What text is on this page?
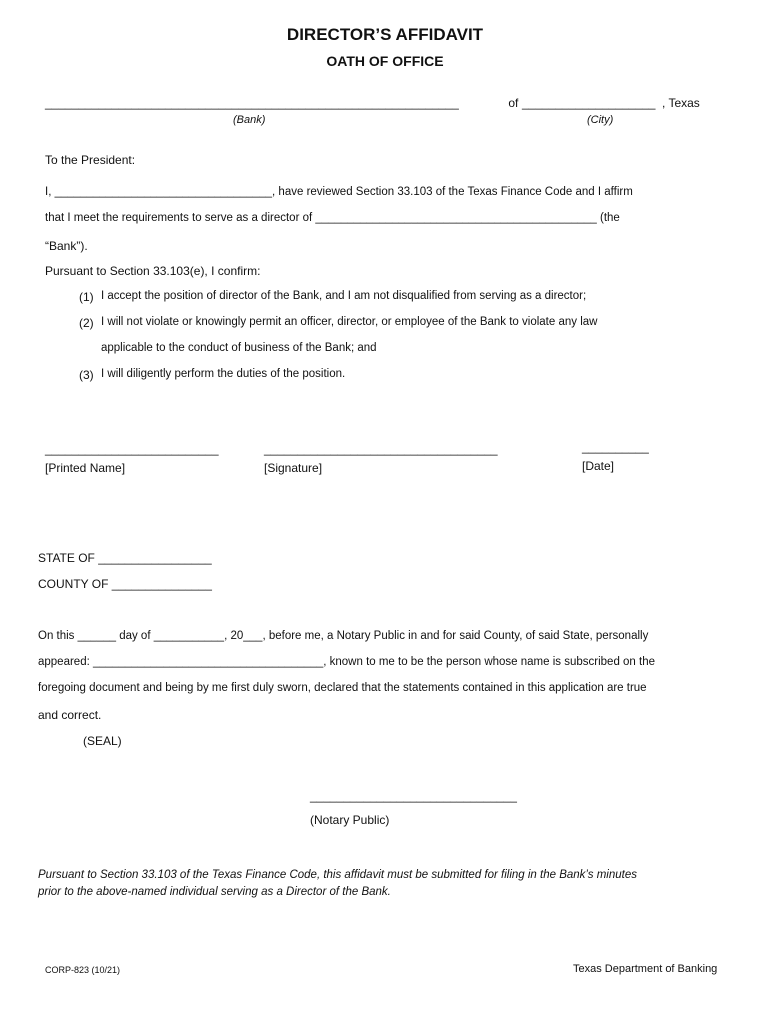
DIRECTOR’S AFFIDAVIT
OATH OF OFFICE
______________________________________________________________	of ____________________ , Texas
(Bank)	(City)
To the President:
I, __________________________________, have reviewed Section 33.103 of the Texas Finance Code and I affirm
that I meet the requirements to serve as a director of ____________________________________________ (the
“Bank”).
Pursuant to Section 33.103(e), I confirm:
(1) I accept the position of director of the Bank, and I am not disqualified from serving as a director;
(2) I will not violate or knowingly permit an officer, director, or employee of the Bank to violate any law
applicable to the conduct of business of the Bank; and
(3) I will diligently perform the duties of the position.
__________________________
[Printed Name]
___________________________________
[Signature]
__________
[Date]
STATE OF _________________
COUNTY OF _______________
On this ______ day of ___________, 20___, before me, a Notary Public in and for said County, of said State, personally
appeared: ____________________________________, known to me to be the person whose name is subscribed on the
foregoing document and being by me first duly sworn, declared that the statements contained in this application are true
and correct.
(SEAL)
_______________________________
(Notary Public)
Pursuant to Section 33.103 of the Texas Finance Code, this affidavit must be submitted for filing in the Bank’s minutes
prior to the above-named individual serving as a Director of the Bank.
CORP-823 (10/21)	Texas Department of Banking
